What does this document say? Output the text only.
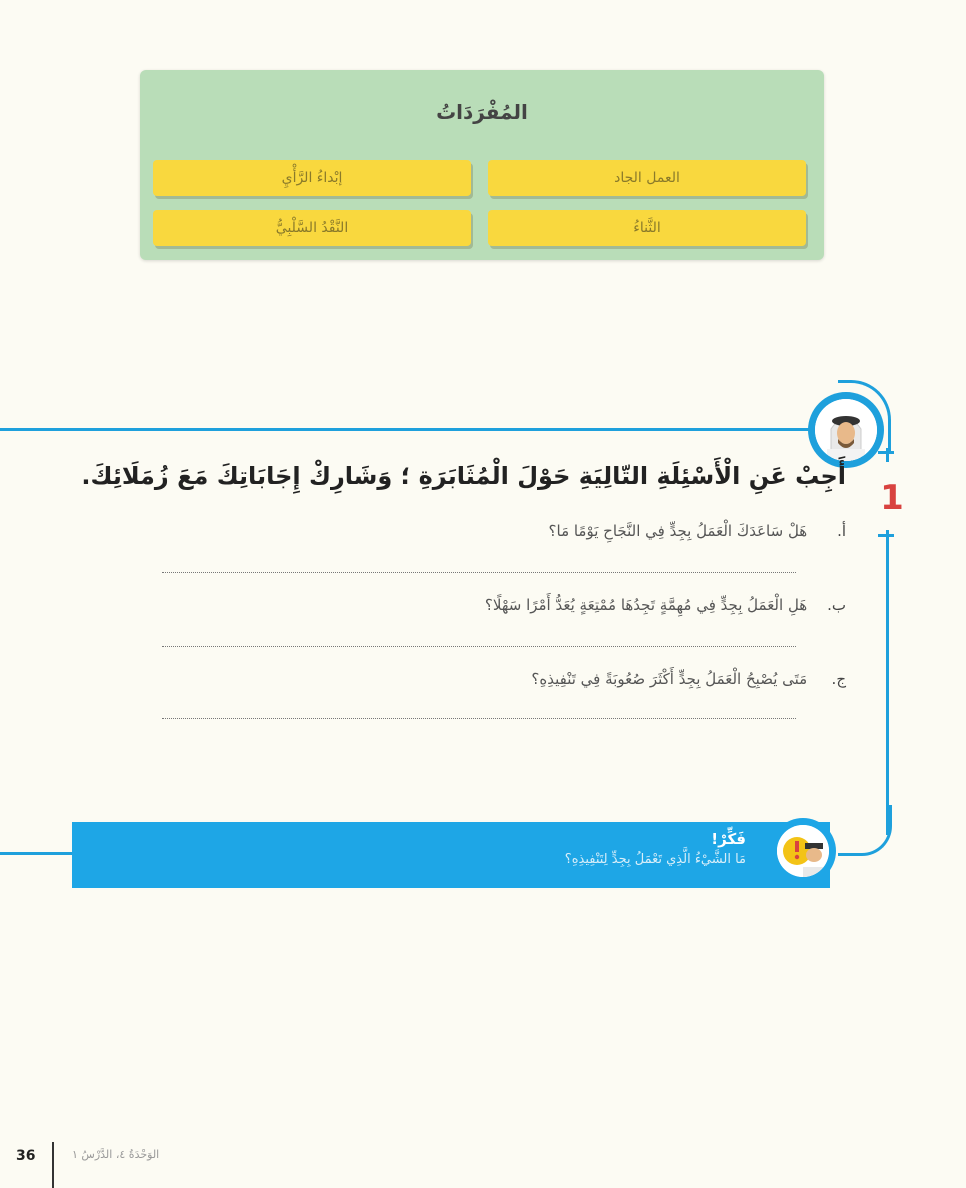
المُفْرَدَاتُ
العمل الجاد
إبْداءُ الرَّأْيِ
الثَّناءُ
النَّقْدُ السَّلْبِيُّ
1
أَجِبْ عَنِ الْأَسْئِلَةِ التّالِيَةِ حَوْلَ الْمُثَابَرَةِ ؛ وَشَارِكْ إِجَابَاتِكَ مَعَ زُمَلَائِكَ.
أ. هَلْ سَاعَدَكَ الْعَمَلُ بِجِدٍّ فِي النَّجَاحِ يَوْمًا مَا؟
ب. هَلِ الْعَمَلُ بِجِدٍّ فِي مُهِمَّةٍ تَجِدُهَا مُمْتِعَةٍ يُعَدُّ أَمْرًا سَهْلًا؟
ج. مَتَى يُصْبِحُ الْعَمَلُ بِجِدٍّ أَكْثَرَ صُعُوبَةً فِي تَنْفِيذِهِ؟
فَكِّرْ!
مَا الشَّيْءُ الَّذِي تَعْمَلُ بِجِدٍّ لِتَنْفِيذِهِ؟
36	الوَحْدَةُ ٤، الدَّرْسُ ١
